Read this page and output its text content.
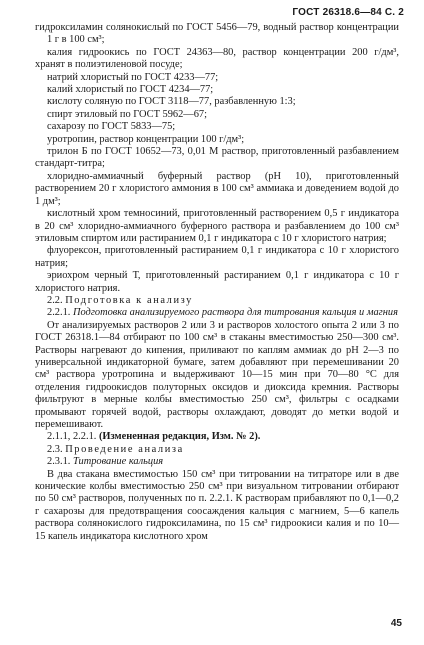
ГОСТ 26318.6—84 С. 2

гидроксиламин солянокислый по ГОСТ 5456—79, водный раствор концентрации 1 г в 100 см³;

калия гидроокись по ГОСТ 24363—80, раствор концентрации 200 г/дм³, хранят в полиэтиленовой посуде;

натрий хлористый по ГОСТ 4233—77;

калий хлористый по ГОСТ 4234—77;

кислоту соляную по ГОСТ 3118—77, разбавленную 1:3;

спирт этиловый по ГОСТ 5962—67;

сахарозу по ГОСТ 5833—75;

уротропин, раствор концентрации 100 г/дм³;

трилон Б по ГОСТ 10652—73, 0,01 М раствор, приготовленный разбавлением стандарт-титра;

хлоридно-аммиачный буферный раствор (pH 10), приготовленный растворением 20 г хлористого аммония в 100 см³ аммиака и доведением водой до 1 дм³;

кислотный хром темносиний, приготовленный растворением 0,5 г индикатора в 20 см³ хлоридно-аммиачного буферного раствора и разбавлением до 100 см³ этиловым спиртом или растиранием 0,1 г индикатора с 10 г хлористого натрия;

флуорексон, приготовленный растиранием 0,1 г индикатора с 10 г хлористого натрия;

эриохром черный Т, приготовленный растиранием 0,1 г индикатора с 10 г хлористого натрия.

2.2. Подготовка к анализу

2.2.1. Подготовка анализируемого раствора для титрования кальция и магния

От анализируемых растворов 2 или 3 и растворов холостого опыта 2 или 3 по ГОСТ 26318.1—84 отбирают по 100 см³ в стаканы вместимостью 250—300 см³. Растворы нагревают до кипения, приливают по каплям аммиак до pH 2—3 по универсальной индикаторной бумаге, затем добавляют при перемешивании 20 см³ раствора уротропина и выдерживают 10—15 мин при 70—80 °С для отделения гидроокисдов полуторных оксидов и диоксида кремния. Растворы фильтруют в мерные колбы вместимостью 250 см³, фильтры с осадками промывают горячей водой, растворы охлаждают, доводят до метки водой и перемешивают.

2.1.1, 2.2.1. (Измененная редакция, Изм. № 2).

2.3. Проведение анализа

2.3.1. Титрование кальция

В два стакана вместимостью 150 см³ при титровании на титраторе или в две конические колбы вместимостью 250 см³ при визуальном титровании отбирают по 50 см³ растворов, полученных по п. 2.2.1. К растворам прибавляют по 0,1—0,2 г сахарозы для предотвращения соосаждения кальция с магнием, 5—6 капель раствора солянокислого гидроксиламина, по 15 см³ гидроокиси калия и по 10—15 капель индикатора кислотного хром

45
